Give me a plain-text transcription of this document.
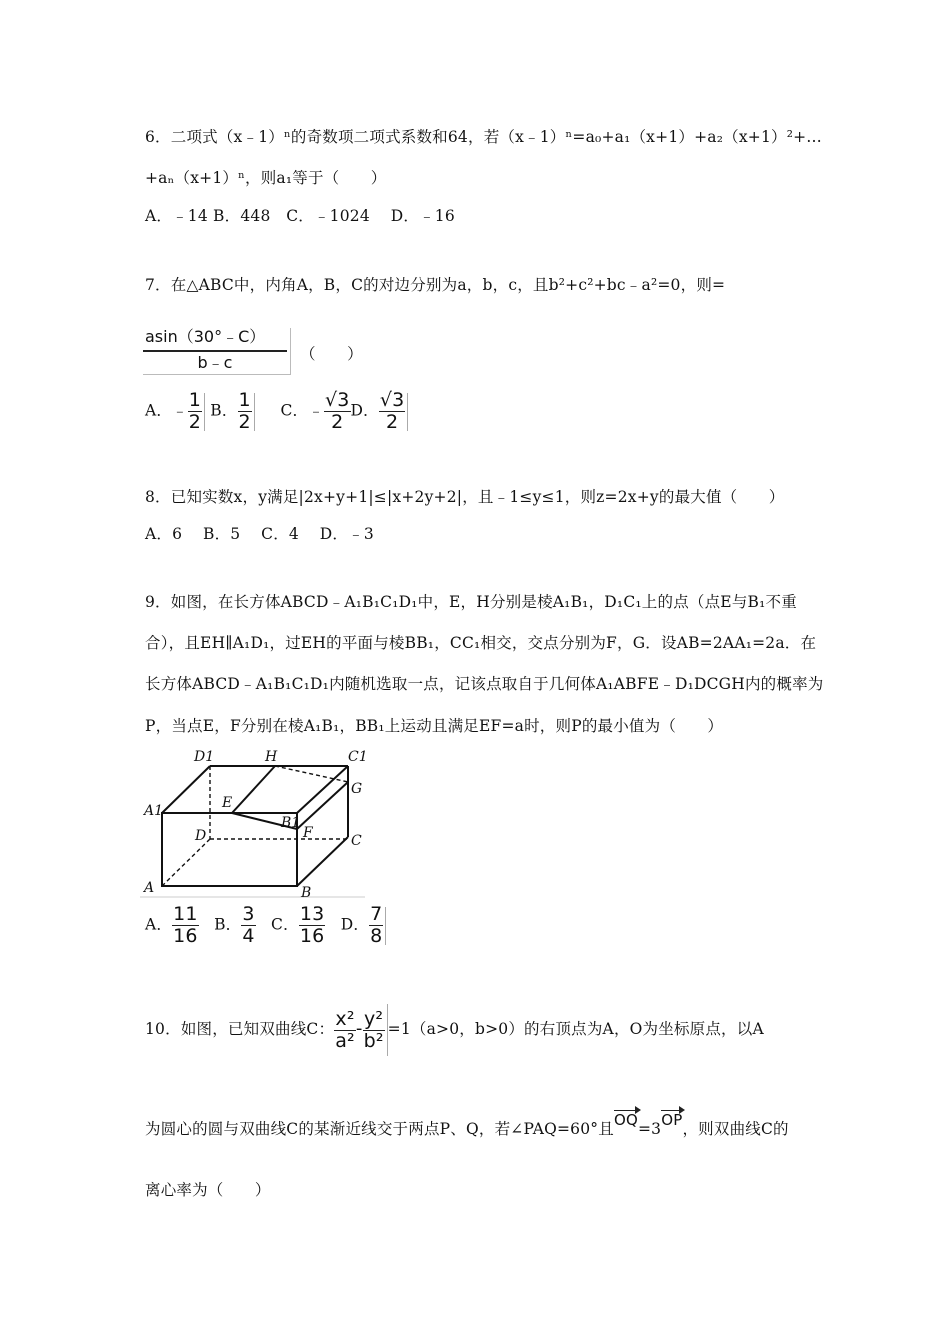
6．二项式（x﹣1）ⁿ的奇数项二项式系数和64，若（x﹣1）ⁿ=a₀+a₁（x+1）+a₂（x+1）²+…
+aₙ（x+1）ⁿ，则a₁等于（　　）
A．﹣14 B．448　C．﹣1024　 D．﹣16
7．在△ABC中，内角A，B，C的对边分别为a，b，c，且b²+c²+bc﹣a²=0，则=
asin（30°﹣C）
b﹣c	（　　）
A．﹣ $\frac{1}{2}$ B． $\frac{1}{2}$ C．﹣ $\frac{√3}{2}$ D． $\frac{√3}{2}$
8．已知实数x，y满足|2x+y+1|≤|x+2y+2|，且﹣1≤y≤1，则z=2x+y的最大值（　　）
A．6　 B．5　 C．4　 D．﹣3
9．如图，在长方体ABCD﹣A₁B₁C₁D₁中，E，H分别是棱A₁B₁，D₁C₁上的点（点E与B₁不重
合），且EH∥A₁D₁，过EH的平面与棱BB₁，CC₁相交，交点分别为F，G．设AB=2AA₁=2a．在
长方体ABCD﹣A₁B₁C₁D₁内随机选取一点，记该点取自于几何体A₁ABFE﹣D₁DCGH内的概率为
P，当点E，F分别在棱A₁B₁，BB₁上运动且满足EF=a时，则P的最小值为（　　）
D1	H	C1
A1	E
G
B1
D	F	C
A	B
A． $\frac{11}{16}$ B． $\frac{3}{4}$ C． $\frac{13}{16}$ D． $\frac{7}{8}$
10．如图，已知双曲线C： $\frac{\text{x²}}{\text{a²}} - \frac{\text{y²}}{\text{b²}} =1(a>0$，b>0）的右顶点为A，O为坐标原点，以A
为圆心的圆与双曲线C的某渐近线交于两点P、Q，若∠PAQ=60°且OQ=3OP，则双曲线C的
离心率为（　　）
